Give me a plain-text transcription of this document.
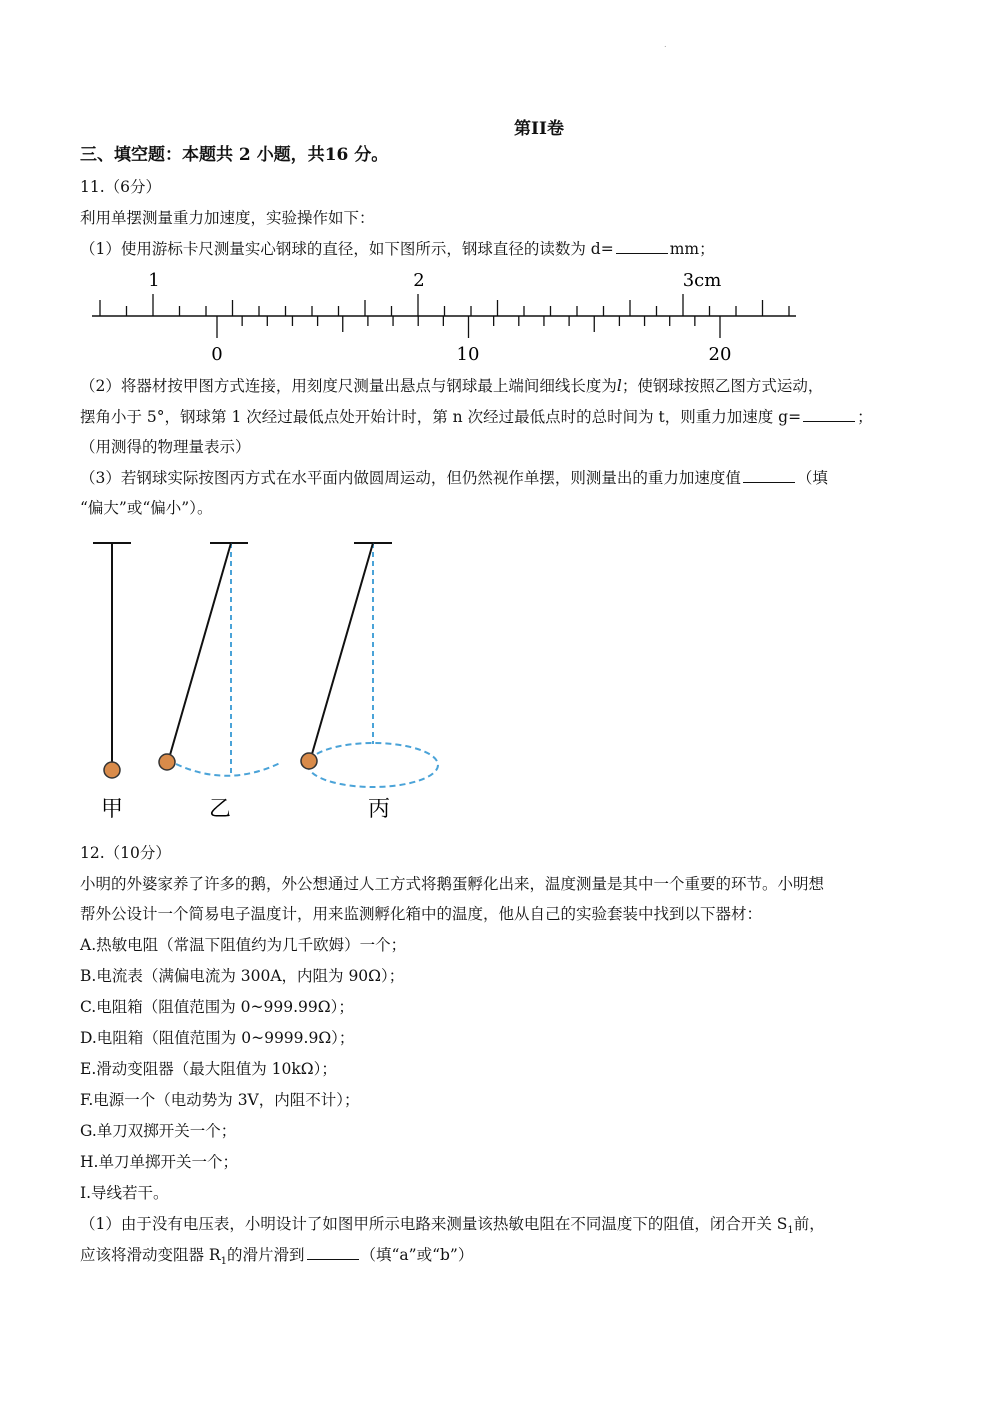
.
第II卷
三、填空题：本题共 2 小题，共16 分。
11.（6分）
利用单摆测量重力加速度，实验操作如下：
（1）使用游标卡尺测量实心钢球的直径，如下图所示，钢球直径的读数为 d=	mm；
1	2	3cm
0	10	20
（2）将器材按甲图方式连接，用刻度尺测量出悬点与钢球最上端间细线长度为l；使钢球按照乙图方式运动，
摆角小于 5°，钢球第 1 次经过最低点处开始计时，第 n 次经过最低点时的总时间为 t，则重力加速度 g=	；
（用测得的物理量表示）
（3）若钢球实际按图丙方式在水平面内做圆周运动，但仍然视作单摆，则测量出的重力加速度值	（填
“偏大”或“偏小”）。
甲	乙	丙
12.（10分）
小明的外婆家养了许多的鹅，外公想通过人工方式将鹅蛋孵化出来，温度测量是其中一个重要的环节。小明想
帮外公设计一个简易电子温度计，用来监测孵化箱中的温度，他从自己的实验套装中找到以下器材：
A.热敏电阻（常温下阻值约为几千欧姆）一个；
B.电流表（满偏电流为 300A，内阻为 90Ω）；
C.电阻箱（阻值范围为 0~999.99Ω）；
D.电阻箱（阻值范围为 0~9999.9Ω）；
E.滑动变阻器（最大阻值为 10kΩ）；
F.电源一个（电动势为 3V，内阻不计）；
G.单刀双掷开关一个；
H.单刀单掷开关一个；
I.导线若干。
（1）由于没有电压表，小明设计了如图甲所示电路来测量该热敏电阻在不同温度下的阻值，闭合开关 $S_1$前，
应该将滑动变阻器 $R_1$的滑片滑到	（填“a”或“b”）
